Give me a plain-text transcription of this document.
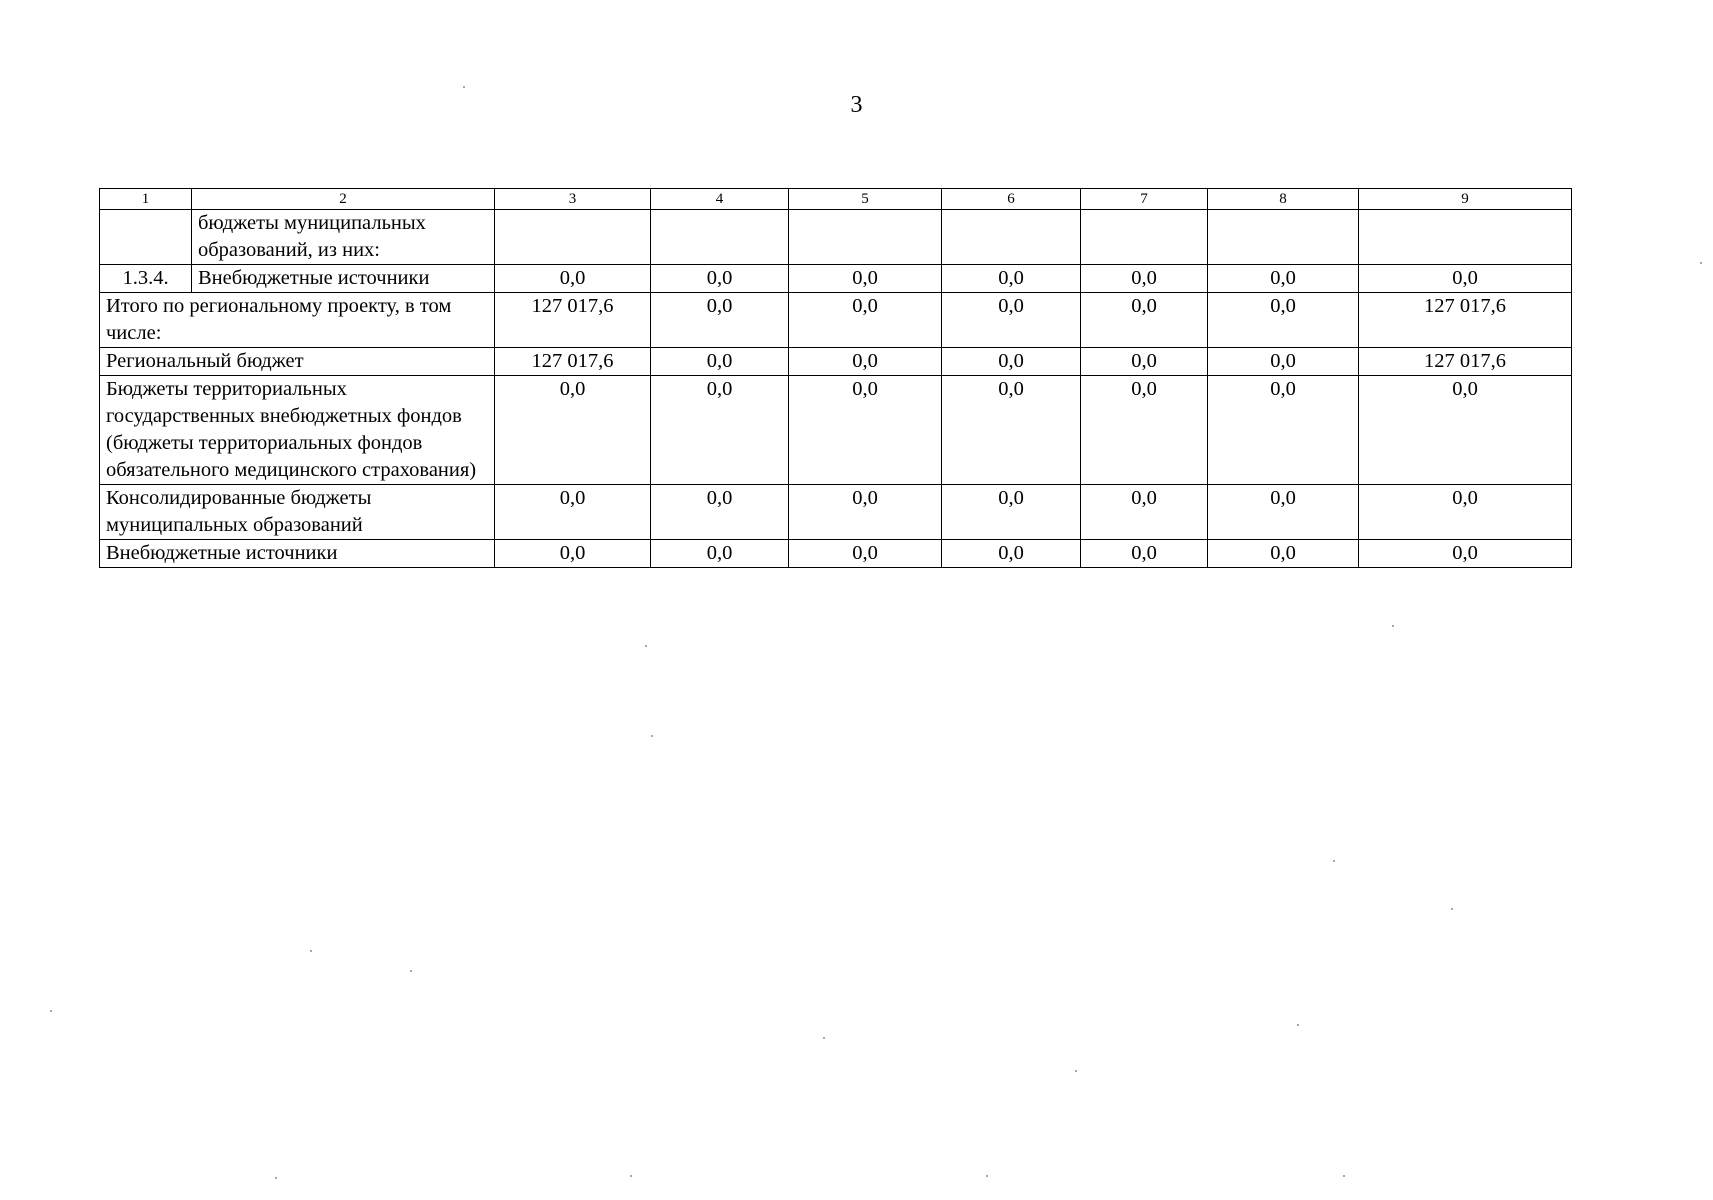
3
1	2	3	4	5	6	7	8	9
	бюджеты муниципальных образований, из них:							
1.3.4.	Внебюджетные источники	0,0	0,0	0,0	0,0	0,0	0,0	0,0
Итого по региональному проекту, в том числе:		127 017,6	0,0	0,0	0,0	0,0	0,0	127 017,6
Региональный бюджет		127 017,6	0,0	0,0	0,0	0,0	0,0	127 017,6
Бюджеты территориальных государственных внебюджетных фондов (бюджеты территориальных фондов обязательного медицинского страхования)		0,0	0,0	0,0	0,0	0,0	0,0	0,0
Консолидированные бюджеты муниципальных образований		0,0	0,0	0,0	0,0	0,0	0,0	0,0
Внебюджетные источники		0,0	0,0	0,0	0,0	0,0	0,0	0,0
